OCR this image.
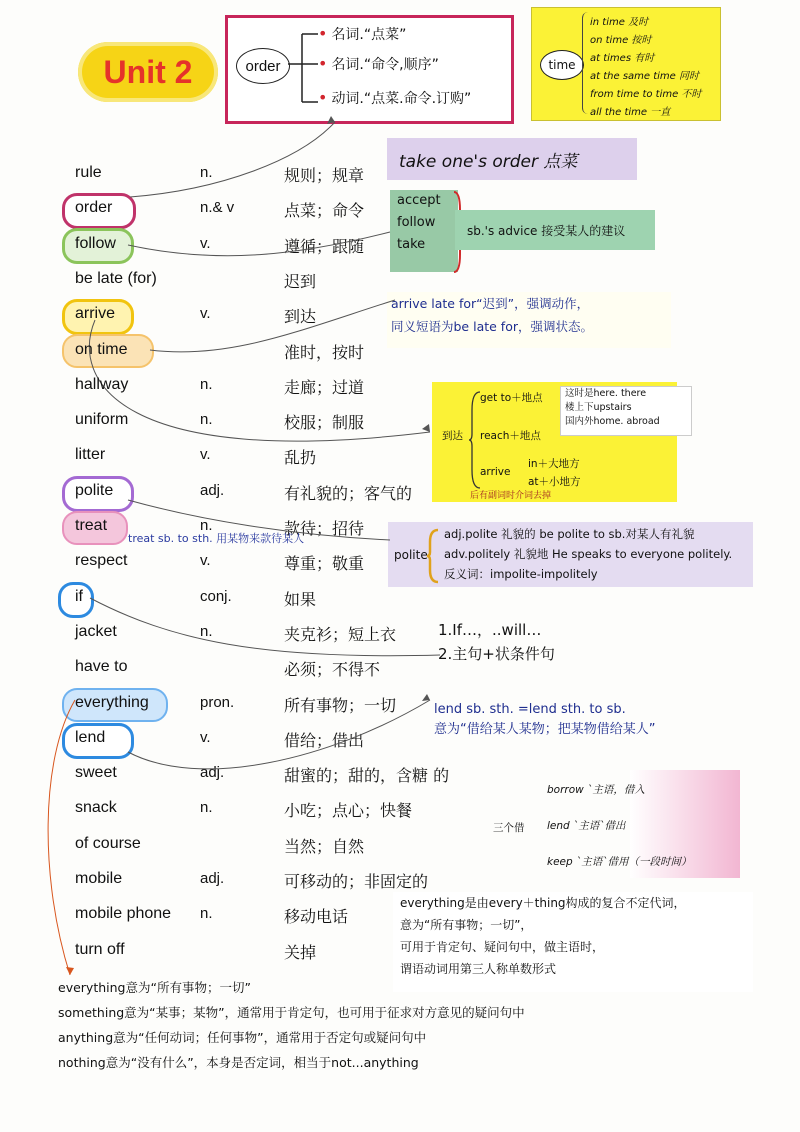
Unit 2	order
• 名词.“点菜”
• 名词.“命令,顺序”
• 动词.“点菜.命令.订购”
time
in time 及时
on time 按时
at times 有时
at the same time 同时
from time to time 不时
all the time 一直
rule	n.	规则；规章
order	n.& v	点菜；命令
follow	v.	遵循；跟随
be late (for)	迟到
arrive	v.	到达
on time	准时，按时
hallway	n.	走廊；过道
uniform	n.	校服；制服
litter	v.	乱扔
polite	adj.	有礼貌的；客气的
treat	n.	款待；招待
respect	v.	尊重；敬重
if	conj.	如果
jacket	n.	夹克衫；短上衣
have to	必须；不得不
everything	pron.	所有事物；一切
lend	v.	借给；借出
sweet	adj.	甜蜜的；甜的，含糖 的
snack	n.	小吃；点心；快餐
of course	当然；自然
mobile	adj.	可移动的；非固定的
mobile phone n.	移动电话
turn off	关掉
take one's order 点菜
accept
follow
take
sb.'s advice 接受某人的建议
arrive late for“迟到”，强调动作，
同义短语为be late for，强调状态。
到达
get to＋地点
reach＋地点
arrive
in＋大地方
at＋小地方
后有副词时介词去掉
这时是here. there
楼上下upstairs
国内外home. abroad
treat sb. to sth. 用某物来款待某人
polite
adj.polite 礼貌的 be polite to sb.对某人有礼貌
adv.politely 礼貌地 He speaks to everyone politely.
反义词：impolite-impolitely
1.If…，..will…
2.主句+状条件句
lend sb. sth. =lend sth. to sb.
意为“借给某人某物；把某物借给某人”
三个借
borrow `主语，借入
lend `主语`借出
keep `主语`借用（一段时间）
everything是由every＋thing构成的复合不定代词，
意为“所有事物；一切”，
可用于肯定句、疑问句中，做主语时，
谓语动词用第三人称单数形式
everything意为“所有事物；一切”
something意为“某事；某物”，通常用于肯定句，也可用于征求对方意见的疑问句中
anything意为“任何动词；任何事物”，通常用于否定句或疑问句中
nothing意为“没有什么”，本身是否定词，相当于not...anything
